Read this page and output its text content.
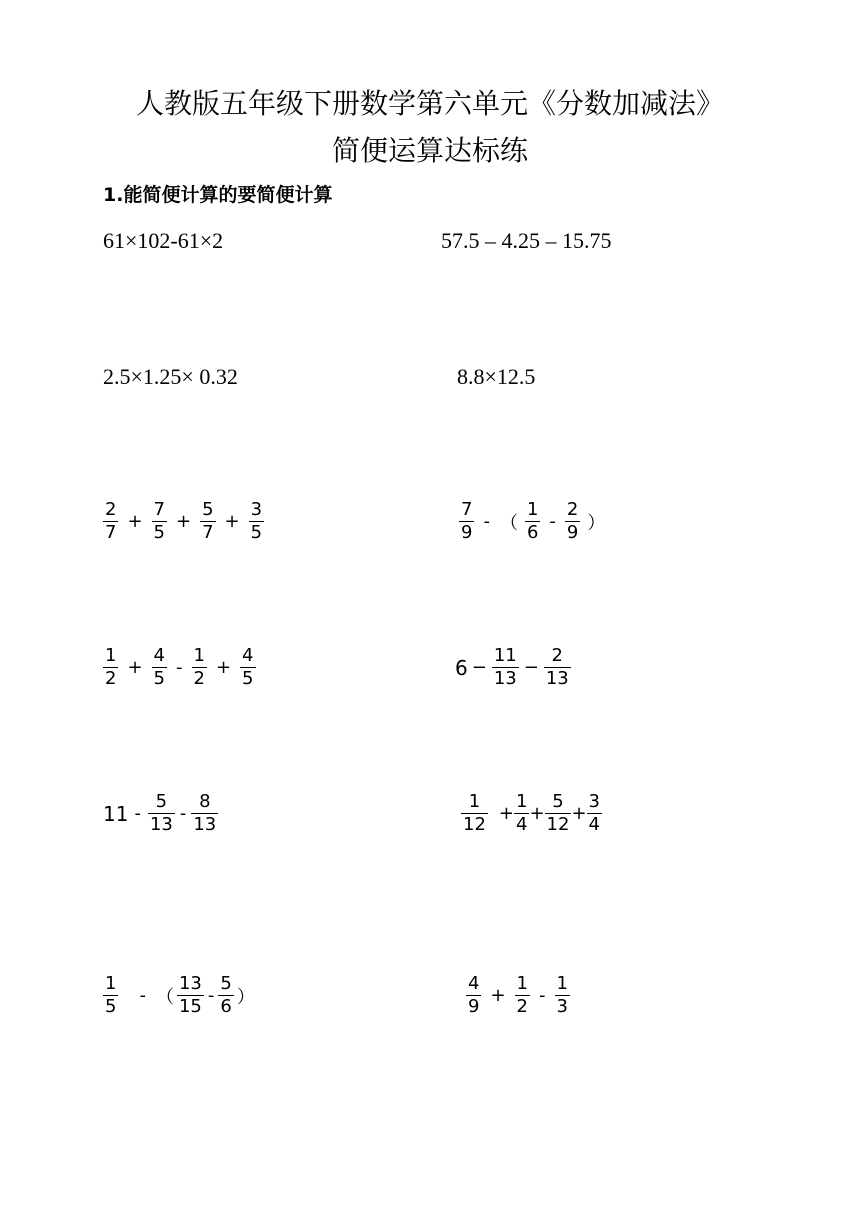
人教版五年级下册数学第六单元《分数加减法》
简便运算达标练
1.能简便计算的要简便计算
61×102-61×2	57.5 – 4.25 – 15.75
2.5×1.25× 0.32	8.8×12.5
$\frac{2}{7} + \frac{7}{5} + \frac{5}{7} + \frac{3}{5}$	$\frac{7}{9}$ - （ $\frac{1}{6} - \frac{2}{9}$ ）
$\frac{1}{2} + \frac{4}{5} - \frac{1}{2} + \frac{4}{5}$	$6 - \frac{11}{13} - \frac{2}{13}$
$11 - \frac{5}{13} - \frac{8}{13}$	$\frac{1}{12} + \frac{1}{4} + \frac{5}{12} + \frac{3}{4}$
$\frac{1}{5}$ - （ $\frac{13}{15} - \frac{5}{6}$ ）	$\frac{4}{9} + \frac{1}{2} - \frac{1}{3}$
